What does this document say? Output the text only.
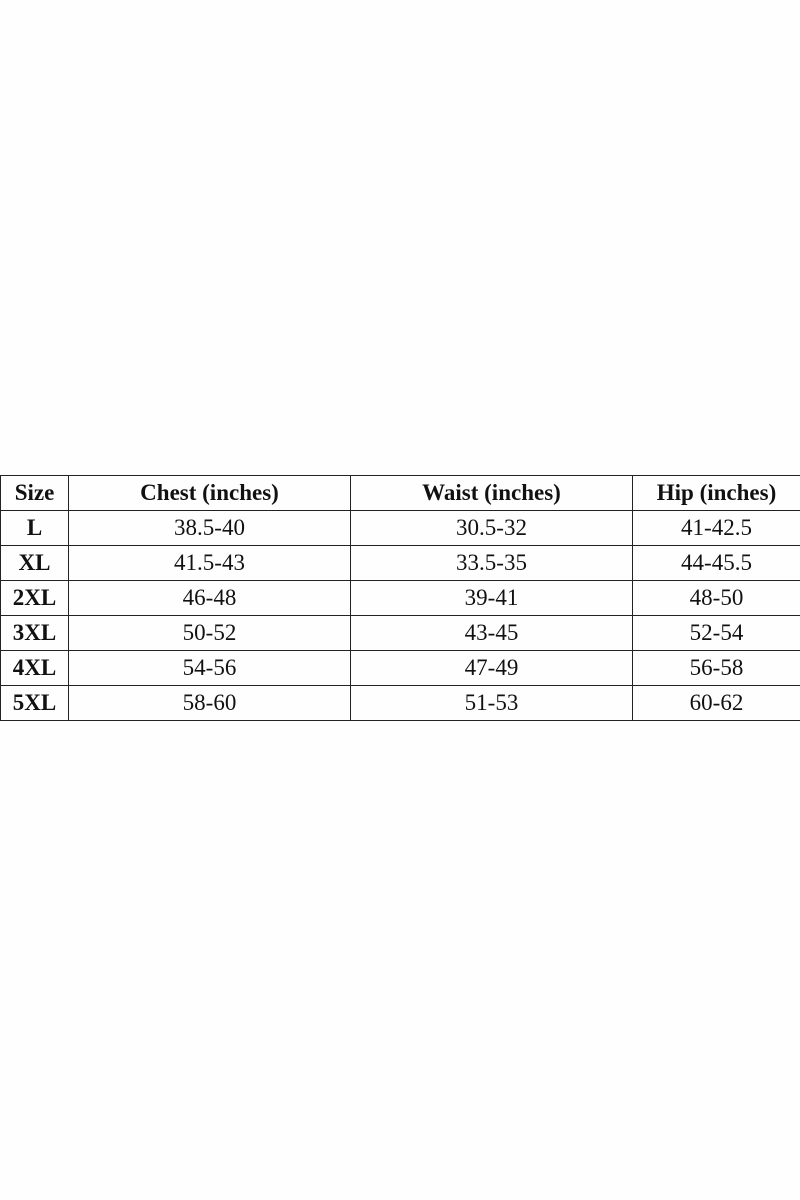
Size	Chest (inches)	Waist (inches)	Hip (inches)
L	38.5-40	30.5-32	41-42.5
XL	41.5-43	33.5-35	44-45.5
2XL	46-48	39-41	48-50
3XL	50-52	43-45	52-54
4XL	54-56	47-49	56-58
5XL	58-60	51-53	60-62
